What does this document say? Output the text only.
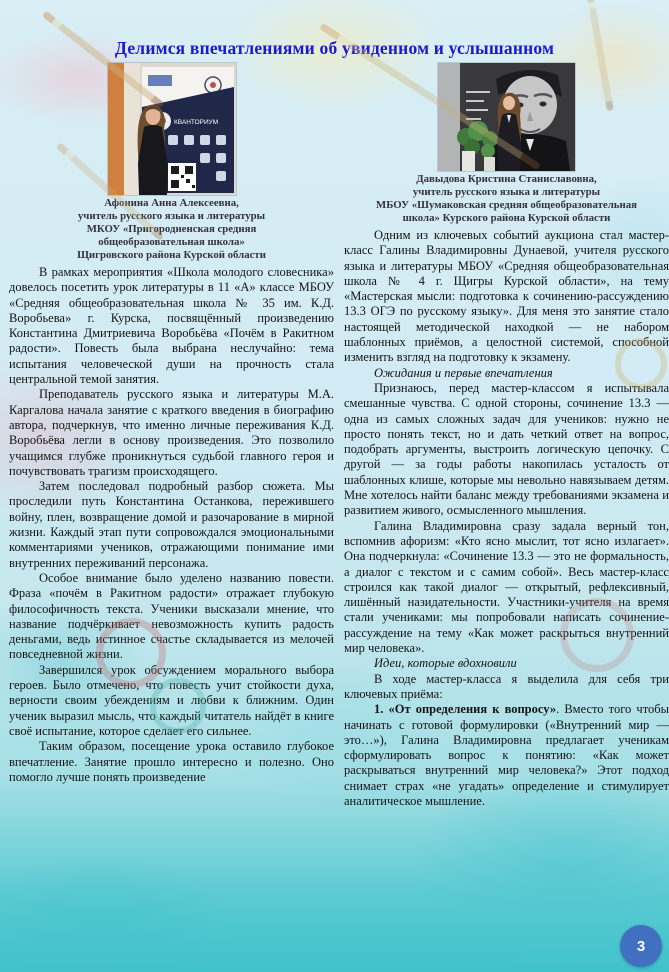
Делимся впечатлениями об увиденном и услышанном
КВАНТОРИУМ
Афонина Анна Алексеевна,
учитель русского языка и литературы
МКОУ «Пригородненская средняя
общеобразовательная школа»
Щигровского района Курской области

В рамках мероприятия «Школа молодого словесника» довелось посетить урок литературы в 11 «А» классе МБОУ «Средняя общеобразовательная школа № 35 им. К.Д. Воробьева» г. Курска, посвящённый произведению Константина Дмитриевича Воробьёва «Почём в Ракитном радости». Повесть была выбрана неслучайно: тема испытания человеческой души на прочность стала центральной темой занятия.

Преподаватель русского языка и литературы М.А. Каргалова начала занятие с краткого введения в биографию автора, подчеркнув, что именно личные переживания К.Д. Воробьёва легли в основу произведения. Это позволило учащимся глубже проникнуться судьбой главного героя и почувствовать трагизм происходящего.

Затем последовал подробный разбор сюжета. Мы проследили путь Константина Останкова, пережившего войну, плен, возвращение домой и разочарование в мирной жизни. Каждый этап пути сопровождался эмоциональными комментариями учеников, отражающими понимание ими внутренних переживаний персонажа.

Особое внимание было уделено названию повести. Фраза «почём в Ракитном радости» отражает глубокую философичность текста. Ученики высказали мнение, что название подчёркивает невозможность купить радость деньгами, ведь истинное счастье складывается из мелочей повседневной жизни.

Завершился урок обсуждением морального выбора героев. Было отмечено, что повесть учит стойкости духа, верности своим убеждениям и любви к ближним. Один ученик выразил мысль, что каждый читатель найдёт в книге своё испытание, которое сделает его сильнее.

Таким образом, посещение урока оставило глубокое впечатление. Занятие прошло интересно и полезно. Оно помогло лучше понять произведение

Давыдова Кристина Станиславовна,
учитель русского языка и литературы
МБОУ «Шумаковская средняя общеобразовательная
школа» Курского района Курской области

Одним из ключевых событий аукциона стал мастер-класс Галины Владимировны Дунаевой, учителя русского языка и литературы МБОУ «Средняя общеобразовательная школа № 4 г. Щигры Курской области», на тему «Мастерская мысли: подготовка к сочинению-рассуждению 13.3 ОГЭ по русскому языку». Для меня это занятие стало настоящей методической находкой — не набором шаблонных приёмов, а целостной системой, способной изменить взгляд на подготовку к экзамену.

Ожидания и первые впечатления

Признаюсь, перед мастер-классом я испытывала смешанные чувства. С одной стороны, сочинение 13.3 — одна из самых сложных задач для учеников: нужно не просто понять текст, но и дать четкий ответ на вопрос, подобрать аргументы, выстроить логическую цепочку. С другой — за годы работы накопилась усталость от шаблонных клише, которые мы невольно навязываем детям. Мне хотелось найти баланс между требованиями экзамена и развитием живого, осмысленного мышления.

Галина Владимировна сразу задала верный тон, вспомнив афоризм: «Кто ясно мыслит, тот ясно излагает». Она подчеркнула: «Сочинение 13.3 — это не формальность, а диалог с текстом и с самим собой». Весь мастер-класс строился как такой диалог — открытый, рефлексивный, лишённый назидательности. Участники-учителя на время стали учениками: мы попробовали написать сочинение-рассуждение на тему «Как может раскрыться внутренний мир человека».

Идеи, которые вдохновили

В ходе мастер-класса я выделила для себя три ключевых приёма:

1. «От определения к вопросу». Вместо того чтобы начинать с готовой формулировки («Внутренний мир — это…»), Галина Владимировна предлагает ученикам сформулировать вопрос к понятию: «Как может раскрываться внутренний мир человека?» Этот подход снимает страх «не угадать» определение и стимулирует аналитическое мышление.

3
